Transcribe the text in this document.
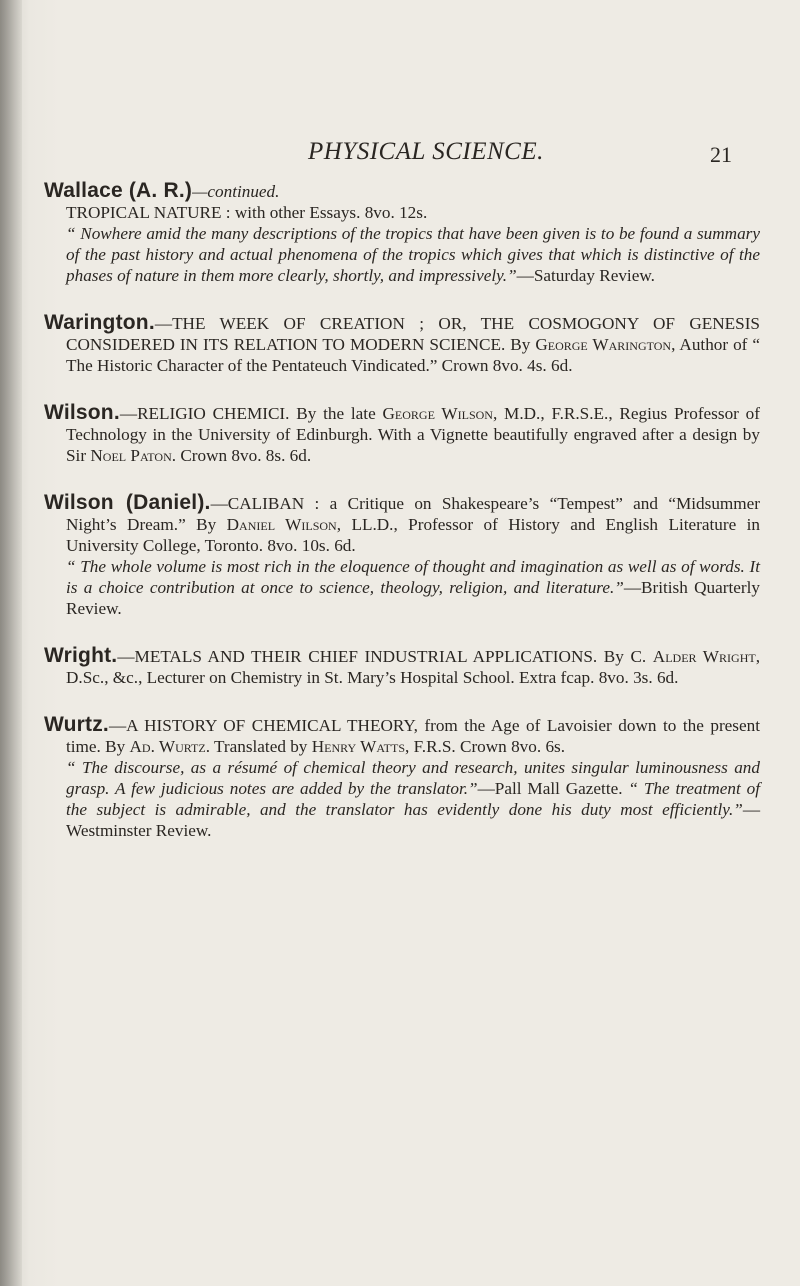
PHYSICAL SCIENCE.	21

Wallace (A. R.)—continued.

TROPICAL NATURE : with other Essays. 8vo. 12s.

“ Nowhere amid the many descriptions of the tropics that have been given is to be found a summary of the past history and actual phenomena of the tropics which gives that which is distinctive of the phases of nature in them more clearly, shortly, and impressively.”—Saturday Review.

Warington.—THE WEEK OF CREATION ; OR, THE COSMOGONY OF GENESIS CONSIDERED IN ITS RELATION TO MODERN SCIENCE. By George Warington, Author of “ The Historic Character of the Pentateuch Vindicated.” Crown 8vo. 4s. 6d.

Wilson.—RELIGIO CHEMICI. By the late George Wilson, M.D., F.R.S.E., Regius Professor of Technology in the University of Edinburgh. With a Vignette beautifully engraved after a design by Sir Noel Paton. Crown 8vo. 8s. 6d.

Wilson (Daniel).—CALIBAN : a Critique on Shakespeare’s “Tempest” and “Midsummer Night’s Dream.” By Daniel Wilson, LL.D., Professor of History and English Literature in University College, Toronto. 8vo. 10s. 6d.

“ The whole volume is most rich in the eloquence of thought and imagination as well as of words. It is a choice contribution at once to science, theology, religion, and literature.”—British Quarterly Review.

Wright.—METALS AND THEIR CHIEF INDUSTRIAL APPLICATIONS. By C. Alder Wright, D.Sc., &c., Lecturer on Chemistry in St. Mary’s Hospital School. Extra fcap. 8vo. 3s. 6d.

Wurtz.—A HISTORY OF CHEMICAL THEORY, from the Age of Lavoisier down to the present time. By Ad. Wurtz. Translated by Henry Watts, F.R.S. Crown 8vo. 6s.

“ The discourse, as a résumé of chemical theory and research, unites singular luminousness and grasp. A few judicious notes are added by the translator.”—Pall Mall Gazette. “ The treatment of the subject is admirable, and the translator has evidently done his duty most efficiently.”—Westminster Review.
